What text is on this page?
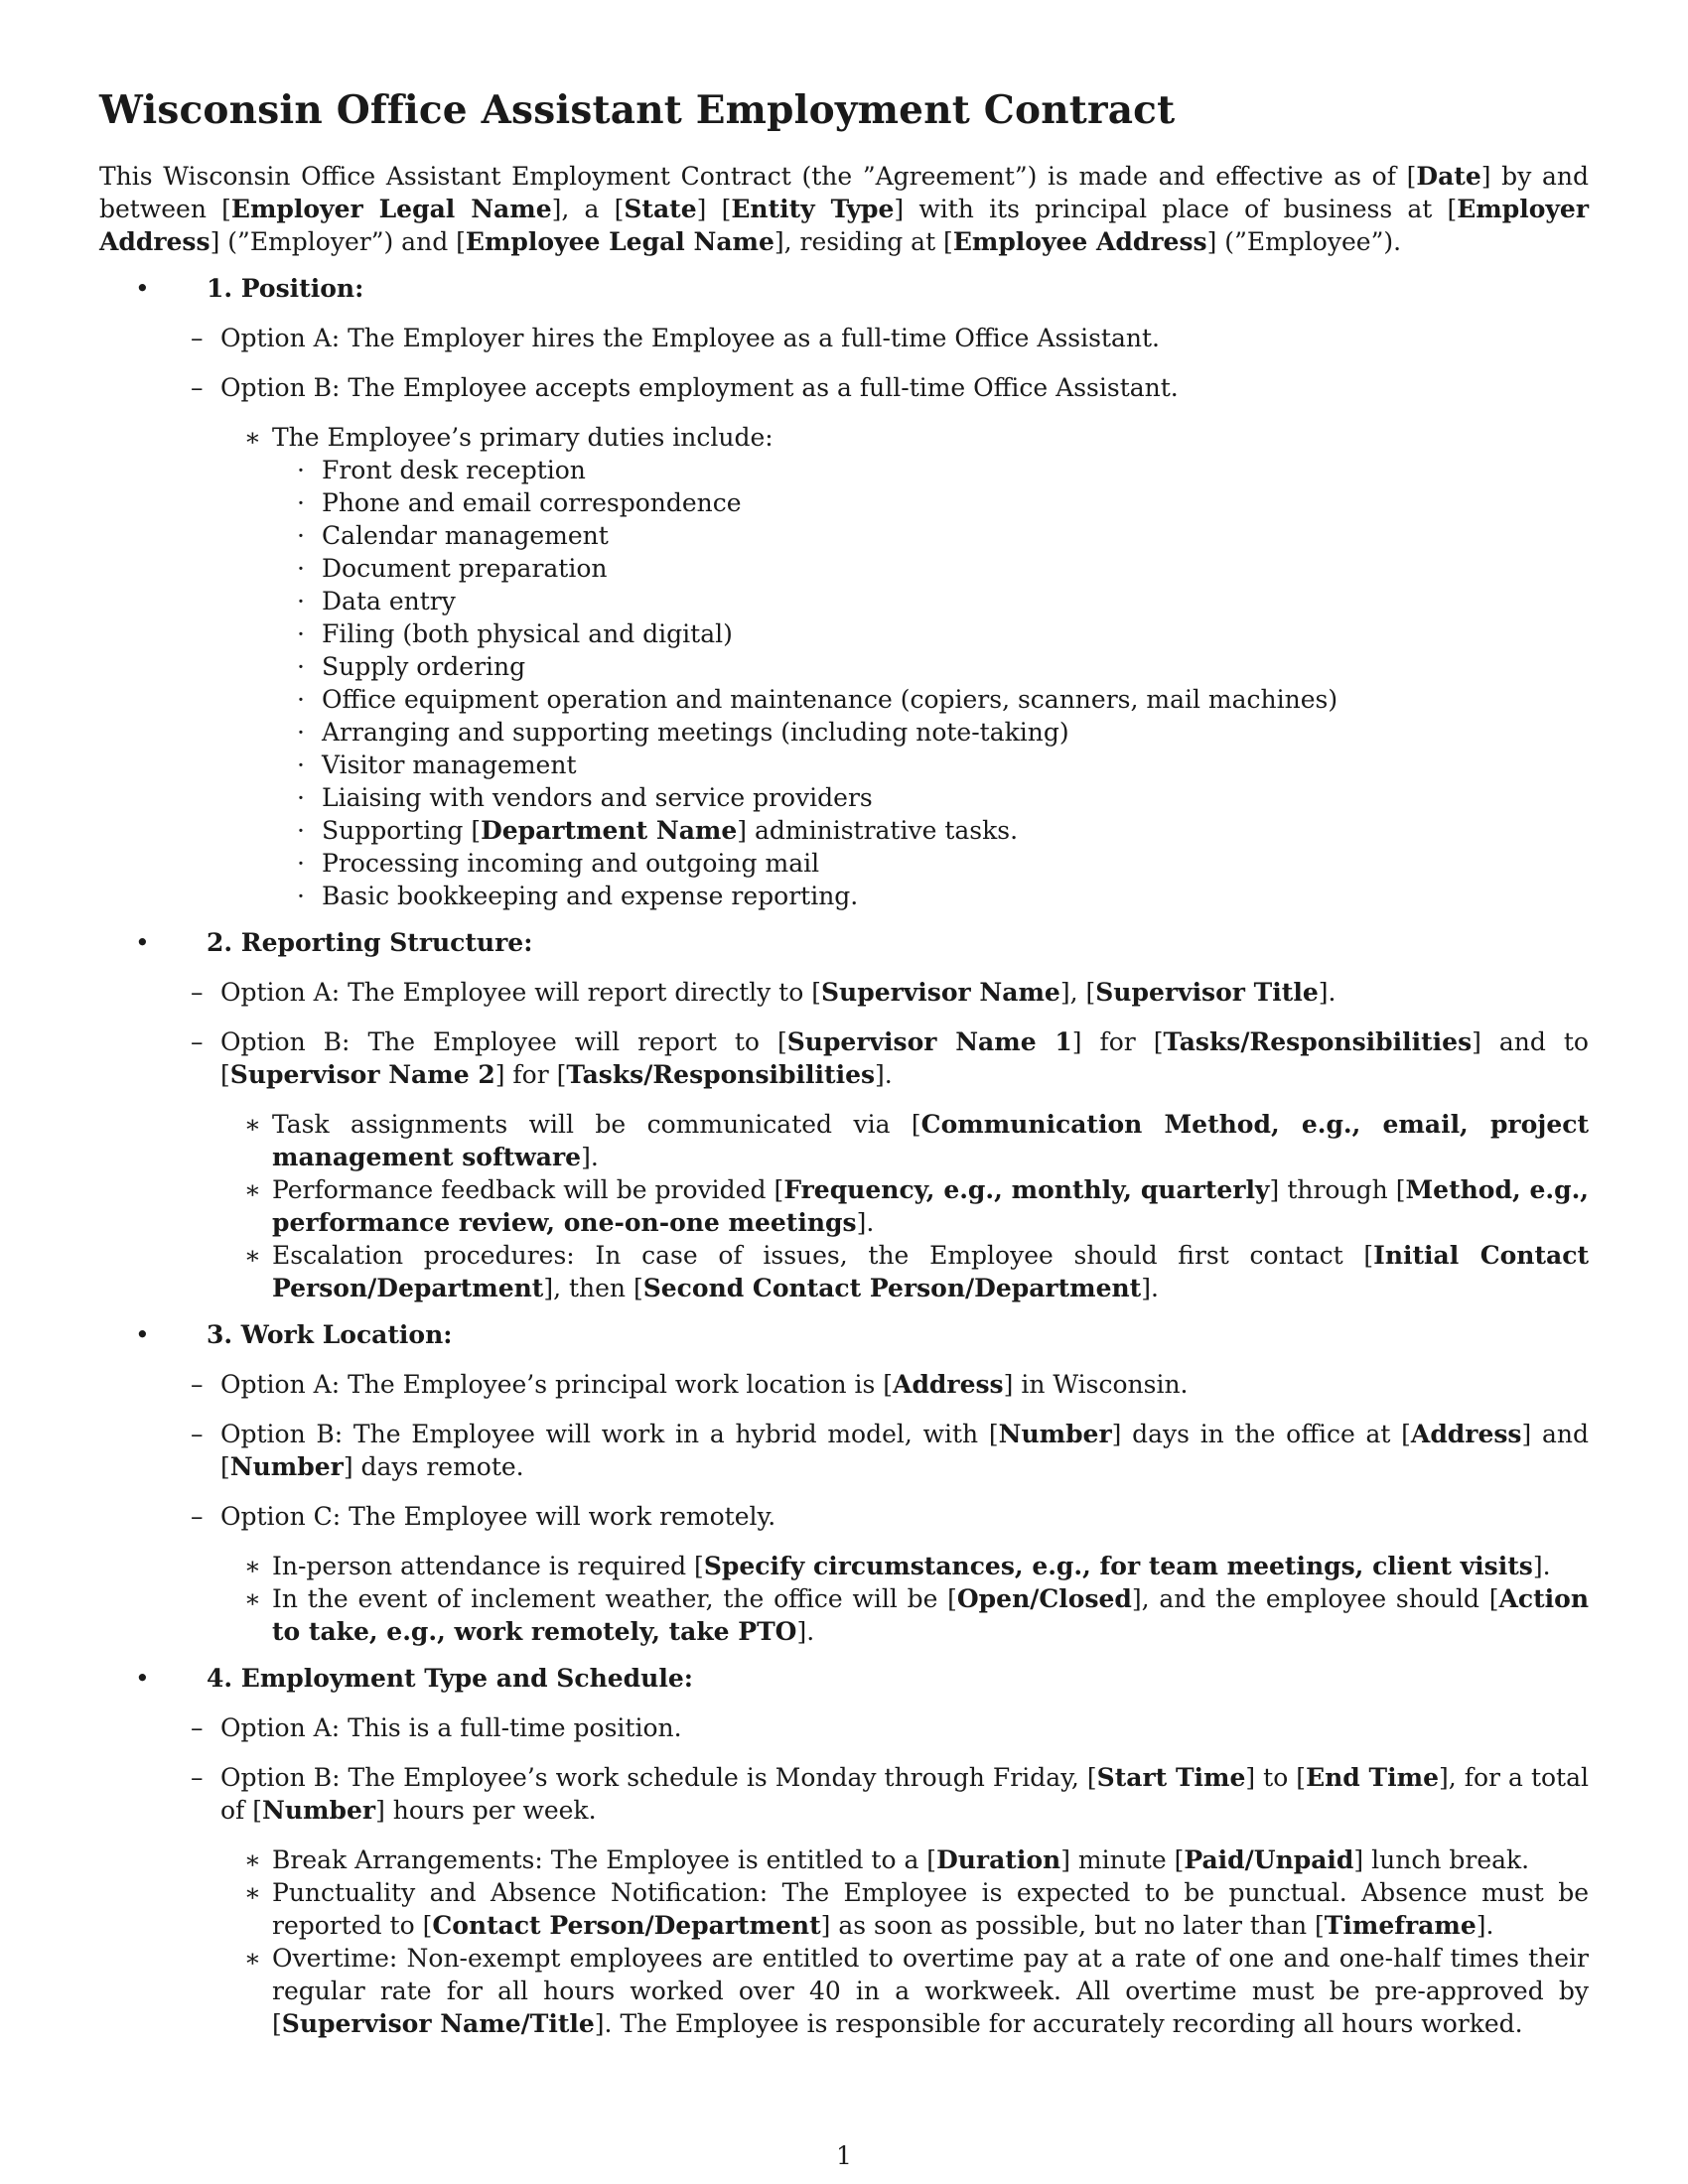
Wisconsin Office Assistant Employment Contract

This Wisconsin Office Assistant Employment Contract (the ”Agreement”) is made and effective as of [Date] by and between [Employer Legal Name], a [State] [Entity Type] with its principal place of business at [Employer Address] (”Employer”) and [Employee Legal Name], residing at [Employee Address] (”Employee”).

• 1. Position:
– Option A: The Employer hires the Employee as a full-time Office Assistant.
– Option B: The Employee accepts employment as a full-time Office Assistant.
∗ The Employee’s primary duties include:
· Front desk reception
· Phone and email correspondence
· Calendar management
· Document preparation
· Data entry
· Filing (both physical and digital)
· Supply ordering
· Office equipment operation and maintenance (copiers, scanners, mail machines)
· Arranging and supporting meetings (including note-taking)
· Visitor management
· Liaising with vendors and service providers
· Supporting [Department Name] administrative tasks.
· Processing incoming and outgoing mail
· Basic bookkeeping and expense reporting.
• 2. Reporting Structure:
– Option A: The Employee will report directly to [Supervisor Name], [Supervisor Title].
– Option B: The Employee will report to [Supervisor Name 1] for [Tasks/Responsibilities] and to [Supervisor Name 2] for [Tasks/Responsibilities].
∗ Task assignments will be communicated via [Communication Method, e.g., email, project management software].
∗ Performance feedback will be provided [Frequency, e.g., monthly, quarterly] through [Method, e.g., performance review, one-on-one meetings].
∗ Escalation procedures: In case of issues, the Employee should first contact [Initial Contact Person/Department], then [Second Contact Person/Department].
• 3. Work Location:
– Option A: The Employee’s principal work location is [Address] in Wisconsin.
– Option B: The Employee will work in a hybrid model, with [Number] days in the office at [Address] and [Number] days remote.
– Option C: The Employee will work remotely.
∗ In-person attendance is required [Specify circumstances, e.g., for team meetings, client visits].
∗ In the event of inclement weather, the office will be [Open/Closed], and the employee should [Action to take, e.g., work remotely, take PTO].
• 4. Employment Type and Schedule:
– Option A: This is a full-time position.
– Option B: The Employee’s work schedule is Monday through Friday, [Start Time] to [End Time], for a total of [Number] hours per week.
∗ Break Arrangements: The Employee is entitled to a [Duration] minute [Paid/Unpaid] lunch break.
∗ Punctuality and Absence Notification: The Employee is expected to be punctual. Absence must be reported to [Contact Person/Department] as soon as possible, but no later than [Timeframe].
∗ Overtime: Non-exempt employees are entitled to overtime pay at a rate of one and one-half times their regular rate for all hours worked over 40 in a workweek. All overtime must be pre-approved by [Supervisor Name/Title]. The Employee is responsible for accurately recording all hours worked.
1
